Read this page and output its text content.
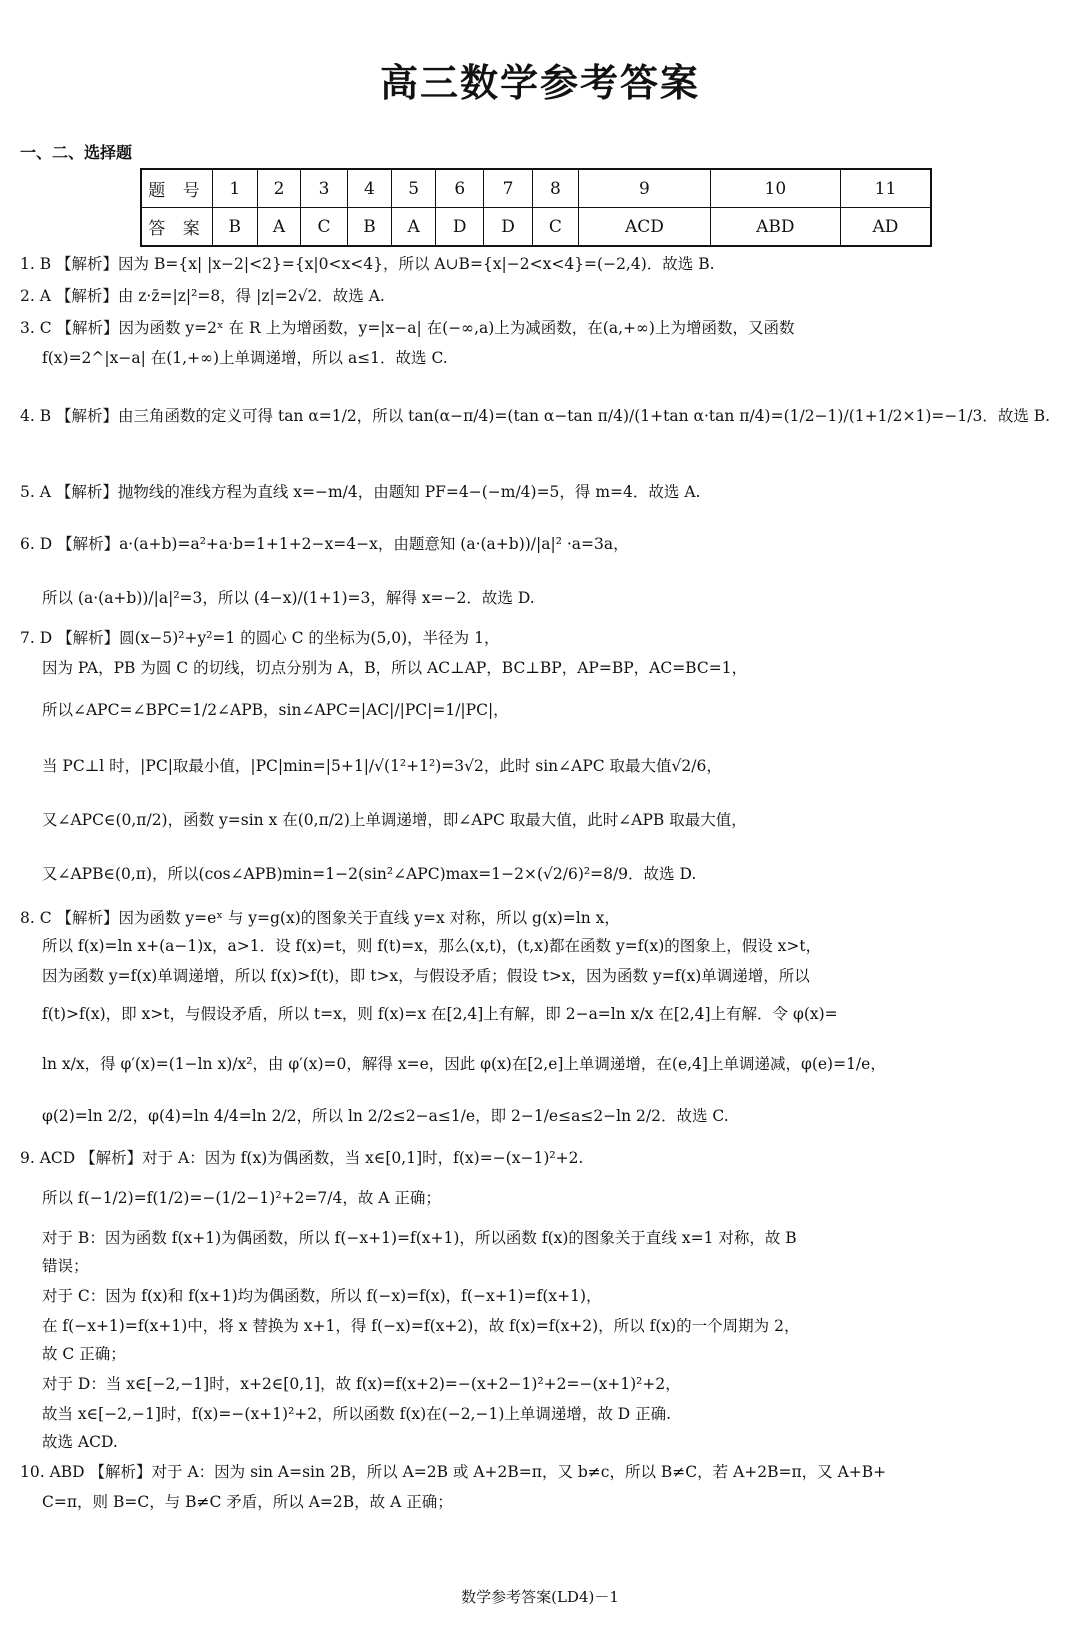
高三数学参考答案
一、二、选择题
题 号	1	2	3	4	5	6	7	8	9	10	11
答 案	B	A	C	B	A	D	D	C	ACD	ABD	AD
1. B 【解析】因为 B={x| |x−2|<2}={x|0<x<4}，所以 A∪B={x|−2<x<4}=(−2,4)．故选 B.
2. A 【解析】由 z·z̄=|z|²=8，得 |z|=2√2．故选 A.
3. C 【解析】因为函数 y=2ˣ 在 R 上为增函数，y=|x−a| 在(−∞,a)上为减函数，在(a,+∞)上为增函数，又函数
f(x)=2^|x−a| 在(1,+∞)上单调递增，所以 a≤1．故选 C.
4. B 【解析】由三角函数的定义可得 tan α=1/2，所以 tan(α−π/4)=(tan α−tan π/4)/(1+tan α·tan π/4)=(1/2−1)/(1+1/2×1)=−1/3．故选 B.
5. A 【解析】抛物线的准线方程为直线 x=−m/4，由题知 PF=4−(−m/4)=5，得 m=4．故选 A.
6. D 【解析】a·(a+b)=a²+a·b=1+1+2−x=4−x，由题意知 (a·(a+b))/|a|² ·a=3a，
所以 (a·(a+b))/|a|²=3，所以 (4−x)/(1+1)=3，解得 x=−2．故选 D.
7. D 【解析】圆(x−5)²+y²=1 的圆心 C 的坐标为(5,0)，半径为 1，
因为 PA，PB 为圆 C 的切线，切点分别为 A，B，所以 AC⊥AP，BC⊥BP，AP=BP，AC=BC=1，
所以∠APC=∠BPC=1/2∠APB，sin∠APC=|AC|/|PC|=1/|PC|，
当 PC⊥l 时，|PC|取最小值，|PC|min=|5+1|/√(1²+1²)=3√2，此时 sin∠APC 取最大值√2/6，
又∠APC∈(0,π/2)，函数 y=sin x 在(0,π/2)上单调递增，即∠APC 取最大值，此时∠APB 取最大值，
又∠APB∈(0,π)，所以(cos∠APB)min=1−2(sin²∠APC)max=1−2×(√2/6)²=8/9．故选 D.
8. C 【解析】因为函数 y=eˣ 与 y=g(x)的图象关于直线 y=x 对称，所以 g(x)=ln x，
所以 f(x)=ln x+(a−1)x，a>1．设 f(x)=t，则 f(t)=x，那么(x,t)，(t,x)都在函数 y=f(x)的图象上，假设 x>t，
因为函数 y=f(x)单调递增，所以 f(x)>f(t)，即 t>x，与假设矛盾；假设 t>x，因为函数 y=f(x)单调递增，所以
f(t)>f(x)，即 x>t，与假设矛盾，所以 t=x，则 f(x)=x 在[2,4]上有解，即 2−a=ln x/x 在[2,4]上有解．令 φ(x)=
ln x/x，得 φ′(x)=(1−ln x)/x²，由 φ′(x)=0，解得 x=e，因此 φ(x)在[2,e]上单调递增，在(e,4]上单调递减，φ(e)=1/e，
φ(2)=ln 2/2，φ(4)=ln 4/4=ln 2/2，所以 ln 2/2≤2−a≤1/e，即 2−1/e≤a≤2−ln 2/2．故选 C.
9. ACD 【解析】对于 A：因为 f(x)为偶函数，当 x∈[0,1]时，f(x)=−(x−1)²+2.
所以 f(−1/2)=f(1/2)=−(1/2−1)²+2=7/4，故 A 正确；
对于 B：因为函数 f(x+1)为偶函数，所以 f(−x+1)=f(x+1)，所以函数 f(x)的图象关于直线 x=1 对称，故 B
错误；
对于 C：因为 f(x)和 f(x+1)均为偶函数，所以 f(−x)=f(x)，f(−x+1)=f(x+1)，
在 f(−x+1)=f(x+1)中，将 x 替换为 x+1，得 f(−x)=f(x+2)，故 f(x)=f(x+2)，所以 f(x)的一个周期为 2，
故 C 正确；
对于 D：当 x∈[−2,−1]时，x+2∈[0,1]，故 f(x)=f(x+2)=−(x+2−1)²+2=−(x+1)²+2，
故当 x∈[−2,−1]时，f(x)=−(x+1)²+2，所以函数 f(x)在(−2,−1)上单调递增，故 D 正确.
故选 ACD.
10. ABD 【解析】对于 A：因为 sin A=sin 2B，所以 A=2B 或 A+2B=π，又 b≠c，所以 B≠C，若 A+2B=π，又 A+B+
C=π，则 B=C，与 B≠C 矛盾，所以 A=2B，故 A 正确；
数学参考答案(LD4)－1
